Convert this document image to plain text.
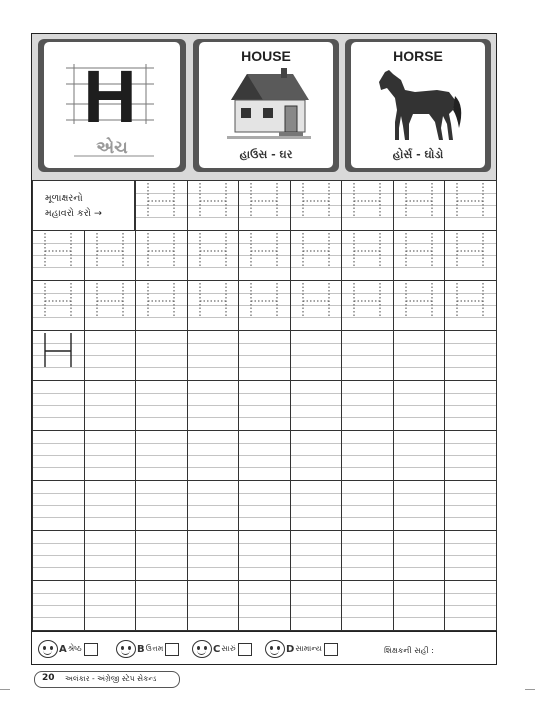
H
એચ
HOUSE
હાઉસ - ઘર
HORSE
હોર્સ - ઘોડો
મૂળાક્ષરનો
મહાવરો કરો →
A શ્રેષ્ઠ	B ઉત્તમ	C સારું	D સામાન્ય	શિક્ષકની સહી :
20 અલંકાર - અંગ્રેજી સ્ટેપ સેકન્ડ
